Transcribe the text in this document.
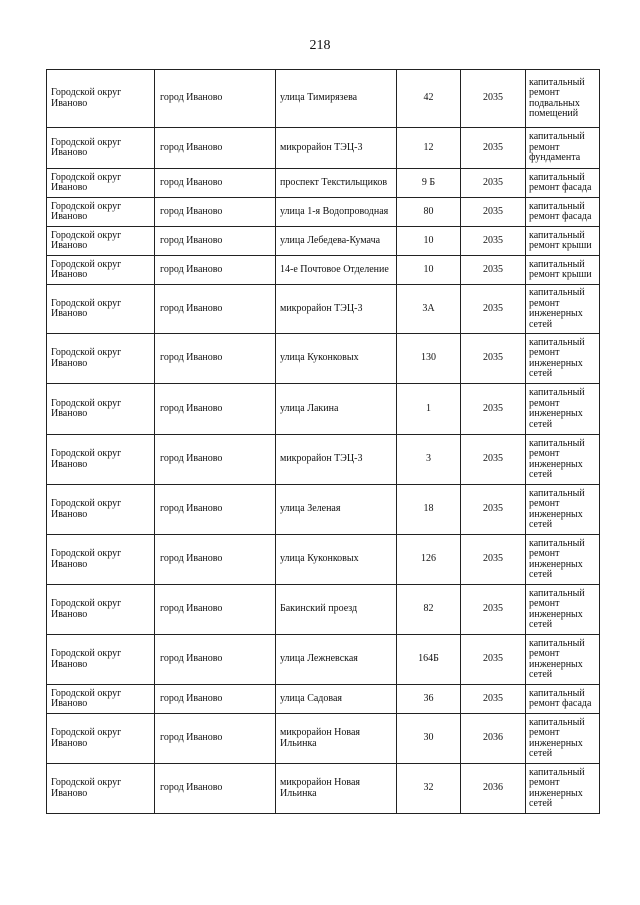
218
Городской округ Иваново	город Иваново	улица Тимирязева	42	2035	капитальный ремонт подвальных помещений
Городской округ Иваново	город Иваново	микрорайон ТЭЦ-3	12	2035	капитальный ремонт фундамента
Городской округ Иваново	город Иваново	проспект Текстильщиков	9 Б	2035	капитальный ремонт фасада
Городской округ Иваново	город Иваново	улица 1-я Водопроводная	80	2035	капитальный ремонт фасада
Городской округ Иваново	город Иваново	улица Лебедева-Кумача	10	2035	капитальный ремонт крыши
Городской округ Иваново	город Иваново	14-е Почтовое Отделение	10	2035	капитальный ремонт крыши
Городской округ Иваново	город Иваново	микрорайон ТЭЦ-3	3А	2035	капитальный ремонт инженерных сетей
Городской округ Иваново	город Иваново	улица Куконковых	130	2035	капитальный ремонт инженерных сетей
Городской округ Иваново	город Иваново	улица Лакина	1	2035	капитальный ремонт инженерных сетей
Городской округ Иваново	город Иваново	микрорайон ТЭЦ-3	3	2035	капитальный ремонт инженерных сетей
Городской округ Иваново	город Иваново	улица Зеленая	18	2035	капитальный ремонт инженерных сетей
Городской округ Иваново	город Иваново	улица Куконковых	126	2035	капитальный ремонт инженерных сетей
Городской округ Иваново	город Иваново	Бакинский проезд	82	2035	капитальный ремонт инженерных сетей
Городской округ Иваново	город Иваново	улица Лежневская	164Б	2035	капитальный ремонт инженерных сетей
Городской округ Иваново	город Иваново	улица Садовая	36	2035	капитальный ремонт фасада
Городской округ Иваново	город Иваново	микрорайон Новая Ильинка	30	2036	капитальный ремонт инженерных сетей
Городской округ Иваново	город Иваново	микрорайон Новая Ильинка	32	2036	капитальный ремонт инженерных сетей
